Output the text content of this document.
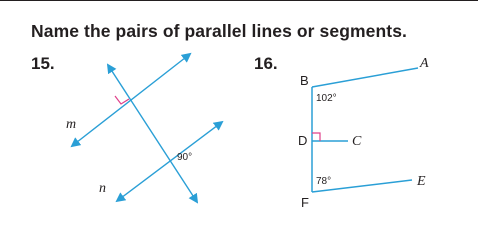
Name the pairs of parallel lines or segments.
15.	16.
m
n
90°
B
A
D	C
F
E
102°
78°
